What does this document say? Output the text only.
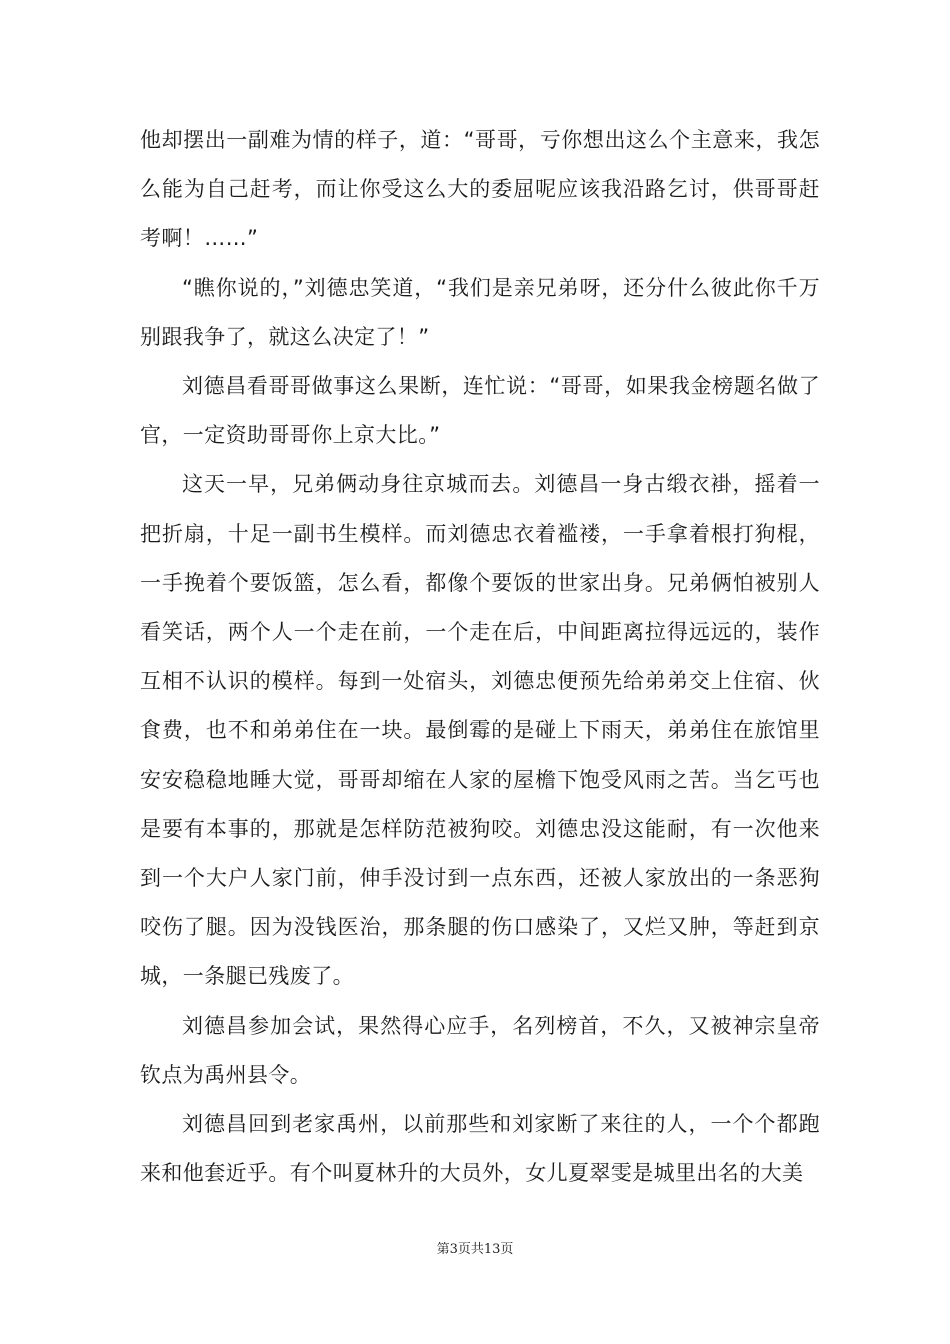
他却摆出一副难为情的样子，道：“哥哥，亏你想出这么个主意来，我怎么能为自己赶考，而让你受这么大的委屈呢应该我沿路乞讨，供哥哥赶考啊！……”

“瞧你说的，”刘德忠笑道，“我们是亲兄弟呀，还分什么彼此你千万别跟我争了，就这么决定了！”

刘德昌看哥哥做事这么果断，连忙说：“哥哥，如果我金榜题名做了官，一定资助哥哥你上京大比。”

这天一早，兄弟俩动身往京城而去。刘德昌一身古缎衣褂，摇着一把折扇，十足一副书生模样。而刘德忠衣着褴褛，一手拿着根打狗棍，一手挽着个要饭篮，怎么看，都像个要饭的世家出身。兄弟俩怕被别人看笑话，两个人一个走在前，一个走在后，中间距离拉得远远的，装作互相不认识的模样。每到一处宿头，刘德忠便预先给弟弟交上住宿、伙食费，也不和弟弟住在一块。最倒霉的是碰上下雨天，弟弟住在旅馆里安安稳稳地睡大觉，哥哥却缩在人家的屋檐下饱受风雨之苦。当乞丐也是要有本事的，那就是怎样防范被狗咬。刘德忠没这能耐，有一次他来到一个大户人家门前，伸手没讨到一点东西，还被人家放出的一条恶狗咬伤了腿。因为没钱医治，那条腿的伤口感染了，又烂又肿，等赶到京城，一条腿已残废了。

刘德昌参加会试，果然得心应手，名列榜首，不久，又被神宗皇帝钦点为禹州县令。

刘德昌回到老家禹州，以前那些和刘家断了来往的人，一个个都跑来和他套近乎。有个叫夏林升的大员外，女儿夏翠雯是城里出名的大美

第3页共13页
